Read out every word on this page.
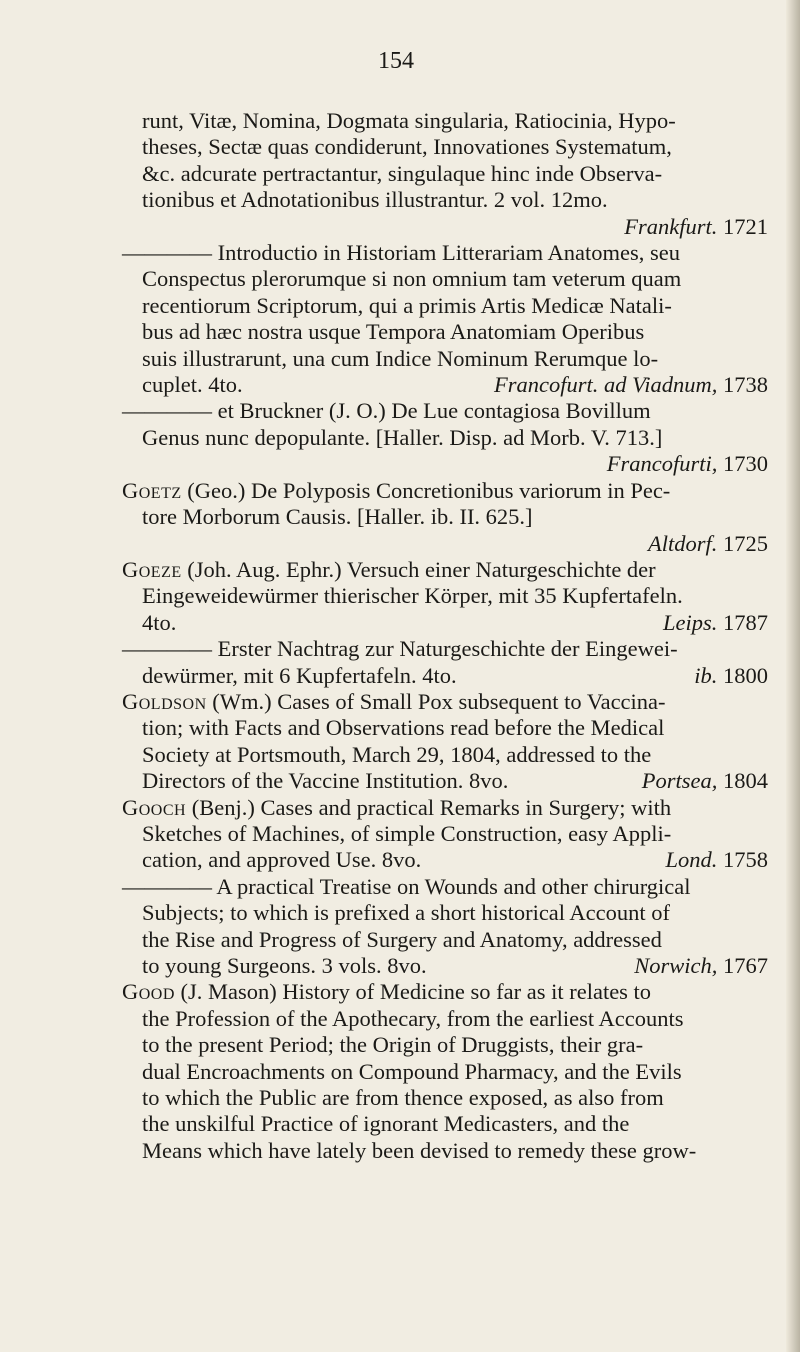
154
runt, Vitæ, Nomina, Dogmata singularia, Ratiocinia, Hypo-
theses, Sectæ quas condiderunt, Innovationes Systematum,
&c. adcurate pertractantur, singulaque hinc inde Observa-
tionibus et Adnotationibus illustrantur. 2 vol. 12mo.
Frankfurt. 1721
———— Introductio in Historiam Litterariam Anatomes, seu
Conspectus plerorumque si non omnium tam veterum quam
recentiorum Scriptorum, qui a primis Artis Medicæ Natali-
bus ad hæc nostra usque Tempora Anatomiam Operibus
suis illustrarunt, una cum Indice Nominum Rerumque lo-
cuplet. 4to.	Francofurt. ad Viadnum, 1738
———— et Bruckner (J. O.) De Lue contagiosa Bovillum
Genus nunc depopulante. [Haller. Disp. ad Morb. V. 713.]
Francofurti, 1730
Goetz (Geo.) De Polyposis Concretionibus variorum in Pec-
tore Morborum Causis. [Haller. ib. II. 625.]
Altdorf. 1725
Goeze (Joh. Aug. Ephr.) Versuch einer Naturgeschichte der
Eingeweidewürmer thierischer Körper, mit 35 Kupfertafeln.
4to.	Leips. 1787
———— Erster Nachtrag zur Naturgeschichte der Eingewei-
dewürmer, mit 6 Kupfertafeln. 4to.	ib. 1800
Goldson (Wm.) Cases of Small Pox subsequent to Vaccina-
tion; with Facts and Observations read before the Medical
Society at Portsmouth, March 29, 1804, addressed to the
Directors of the Vaccine Institution. 8vo.	Portsea, 1804
Gooch (Benj.) Cases and practical Remarks in Surgery; with
Sketches of Machines, of simple Construction, easy Appli-
cation, and approved Use. 8vo.	Lond. 1758
———— A practical Treatise on Wounds and other chirurgical
Subjects; to which is prefixed a short historical Account of
the Rise and Progress of Surgery and Anatomy, addressed
to young Surgeons. 3 vols. 8vo.	Norwich, 1767
Good (J. Mason) History of Medicine so far as it relates to
the Profession of the Apothecary, from the earliest Accounts
to the present Period; the Origin of Druggists, their gra-
dual Encroachments on Compound Pharmacy, and the Evils
to which the Public are from thence exposed, as also from
the unskilful Practice of ignorant Medicasters, and the
Means which have lately been devised to remedy these grow-
